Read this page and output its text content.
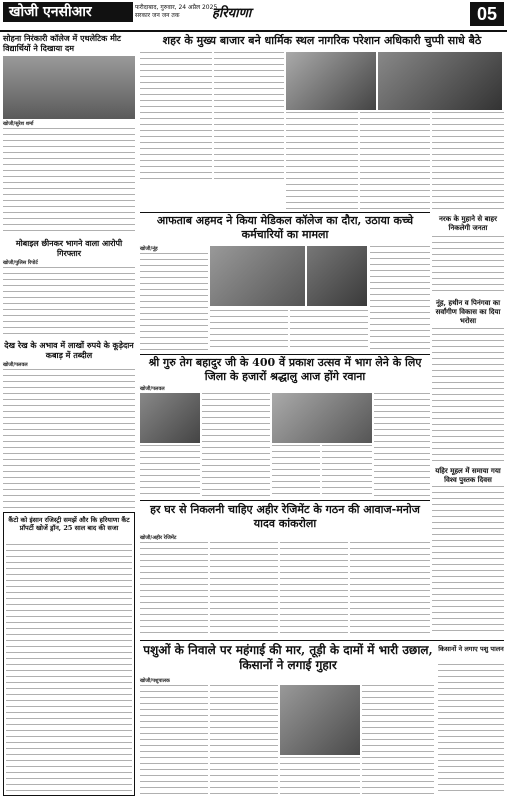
खोजी एनसीआर	फरीदाबाद, गुरुवार, 24 अप्रैल 2025
सरकार जन जन तक	हरियाणा	05
सोहना निरंकारी कॉलेज में एथलेटिक मीट विद्यार्थियों ने दिखाया दम
खोजी/सुरेश शर्मा
मोबाइल छीनकर भागने वाला आरोपी गिरफ्तार
खोजी/पुलिस रिपोर्ट
देख रेख के अभाव में लाखों रुपये के कूड़ेदान कबाड़ में तब्दील
खोजी/पलवल
शहर के मुख्य बाजार बने धार्मिक स्थल नागरिक परेशान अधिकारी चुप्पी साधे बैठे
आफताब अहमद ने किया मेडिकल कॉलेज का दौरा, उठाया कच्चे कर्मचारियों का मामला
खोजी/नूंह
नरक के मुहाने से बाहर निकलेगी जनता
नूंह, हथीन व पिनंगवा का सर्वांगीण विकास का दिया भरोसा
श्री गुरु तेग बहादुर जी के 400 वें प्रकाश उत्सव में भाग लेने के लिए जिला के हजारों श्रद्धालु आज होंगे रवाना
खोजी/पलवल
हर घर से निकलनी चाहिए अहीर रेजिमेंट के गठन की आवाज-मनोज यादव कांकरोला
खोजी/अहीर रेजिमेंट
यहिर मूहल में समाया गया विश्व पुस्तक दिवस
कैंटो को इंसान रजिस्ट्री समझें और कि हरियाणा कैंट प्रॉपर्टी खोजें ड्रॉन, 25 साल बाद की सजा
पशुओं के निवाले पर महंगाई की मार, तूड़ी के दामों में भारी उछाल, किसानों ने लगाई गुहार
खोजी/पशुपालक
किसानों ने लगाए पशु पालन
